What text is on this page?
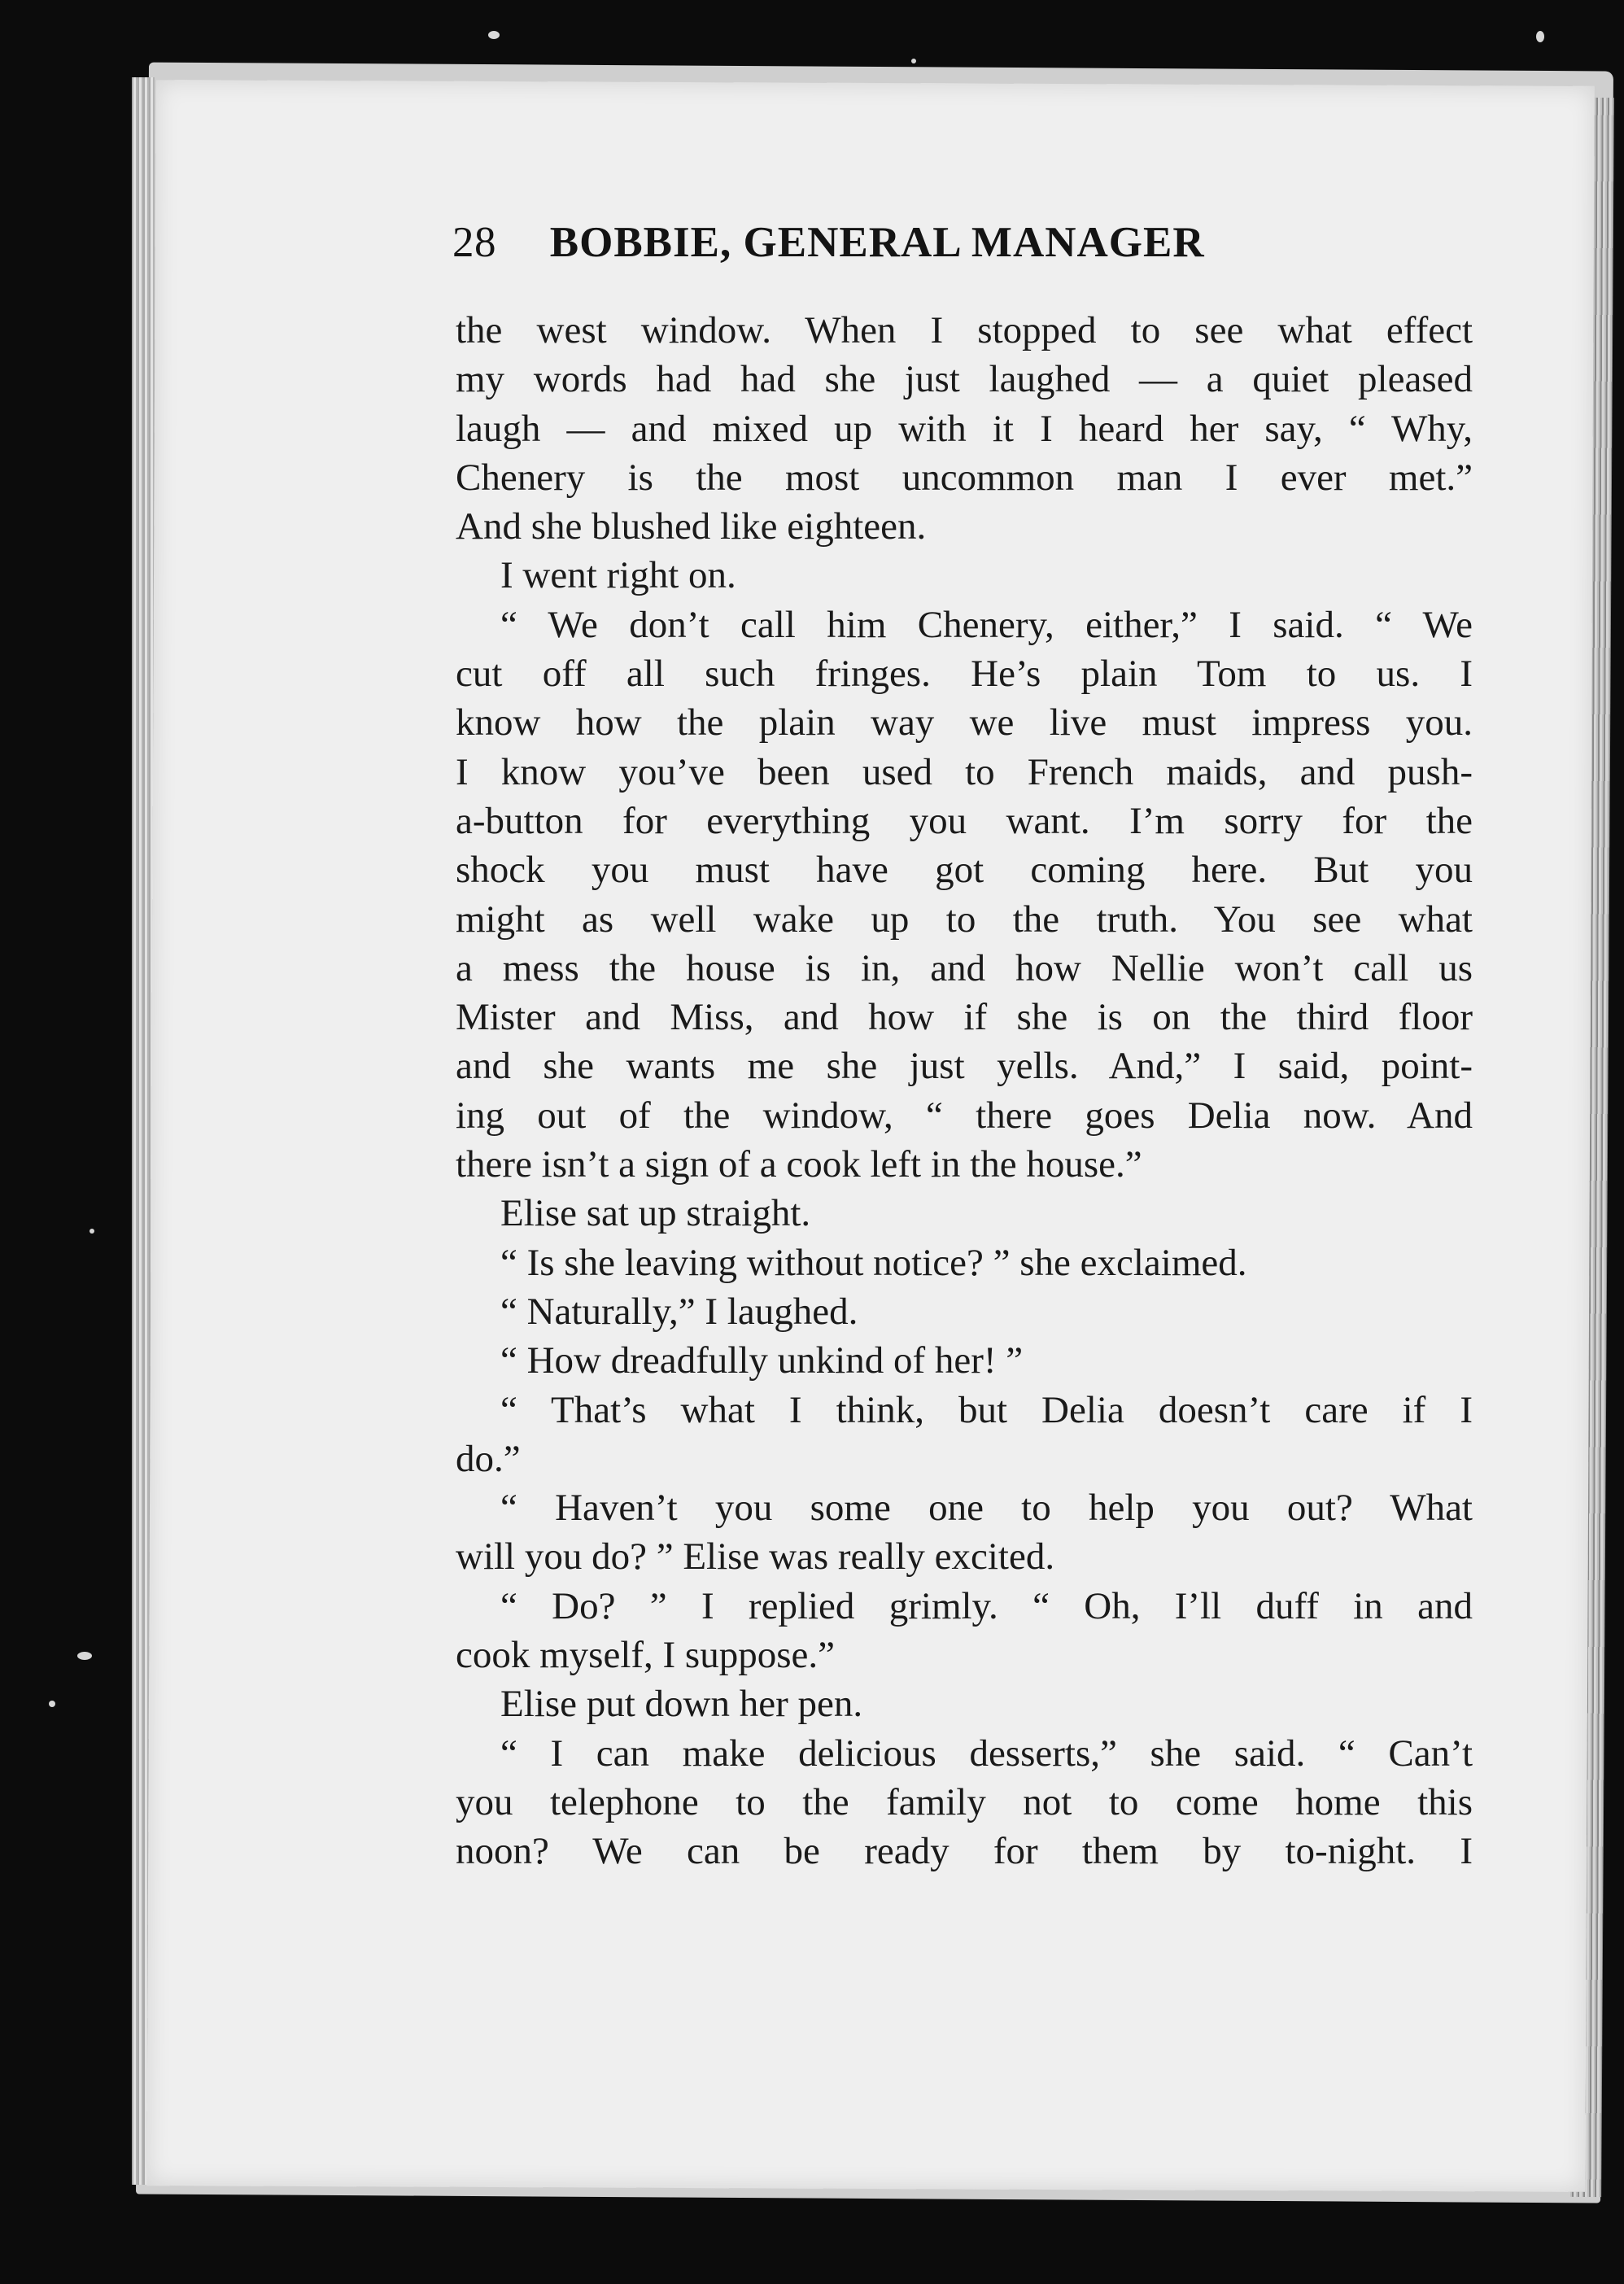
28 BOBBIE, GENERAL MANAGER
the west window. When I stopped to see what effect
my words had had she just laughed — a quiet pleased
laugh — and mixed up with it I heard her say, “ Why,
Chenery is the most uncommon man I ever met.”
And she blushed like eighteen.
I went right on.
“ We don’t call him Chenery, either,” I said. “ We
cut off all such fringes. He’s plain Tom to us. I
know how the plain way we live must impress you.
I know you’ve been used to French maids, and push-
a-button for everything you want. I’m sorry for the
shock you must have got coming here. But you
might as well wake up to the truth. You see what
a mess the house is in, and how Nellie won’t call us
Mister and Miss, and how if she is on the third floor
and she wants me she just yells. And,” I said, point-
ing out of the window, “ there goes Delia now. And
there isn’t a sign of a cook left in the house.”
Elise sat up straight.
“ Is she leaving without notice? ” she exclaimed.
“ Naturally,” I laughed.
“ How dreadfully unkind of her! ”
“ That’s what I think, but Delia doesn’t care if I
do.”
“ Haven’t you some one to help you out? What
will you do? ” Elise was really excited.
“ Do? ” I replied grimly. “ Oh, I’ll duff in and
cook myself, I suppose.”
Elise put down her pen.
“ I can make delicious desserts,” she said. “ Can’t
you telephone to the family not to come home this
noon? We can be ready for them by to-night. I
